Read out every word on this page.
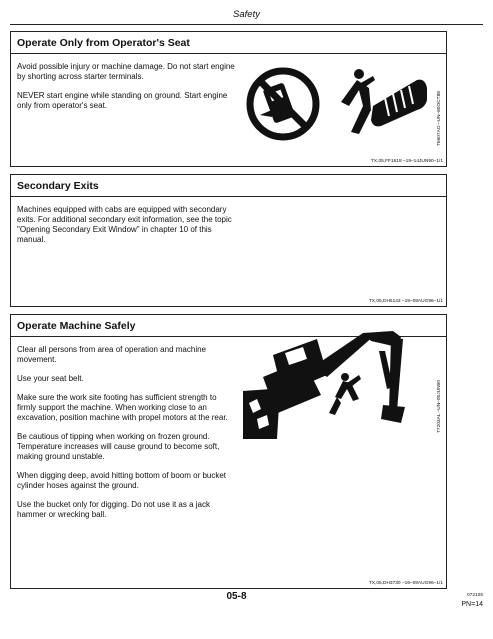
Safety
Operate Only from Operator's Seat

Avoid possible injury or machine damage. Do not start engine by shorting across starter terminals.

NEVER start engine while standing on ground. Start engine only from operator's seat.	T6607AO –UN–80OCT88
TX,05,FF1618 –19–14JUN90–1/1
Secondary Exits

Machines equipped with cabs are equipped with secondary exits. For additional secondary exit information, see the topic "Opening Secondary Exit Window" in chapter 10 of this manual.

TX,05,DH5143 –19–09AUG96–1/1
Operate Machine Safely

Clear all persons from area of operation and machine movement.

Use your seat belt.

Make sure the work site footing has sufficient strength to firmly support the machine. When working close to an excavation, position machine with propel motors at the rear.

Be cautious of tipping when working on frozen ground. Temperature increases will cause ground to become soft, making ground unstable.

When digging deep, avoid hitting bottom of boom or bucket cylinder hoses against the ground.

Use the bucket only for digging. Do not use it as a jack hammer or wrecking ball.

T7203AL –UN–05JUN90
TX,05,DH3730 –19–09AUG96–1/1
05-8	072105
PN=14
